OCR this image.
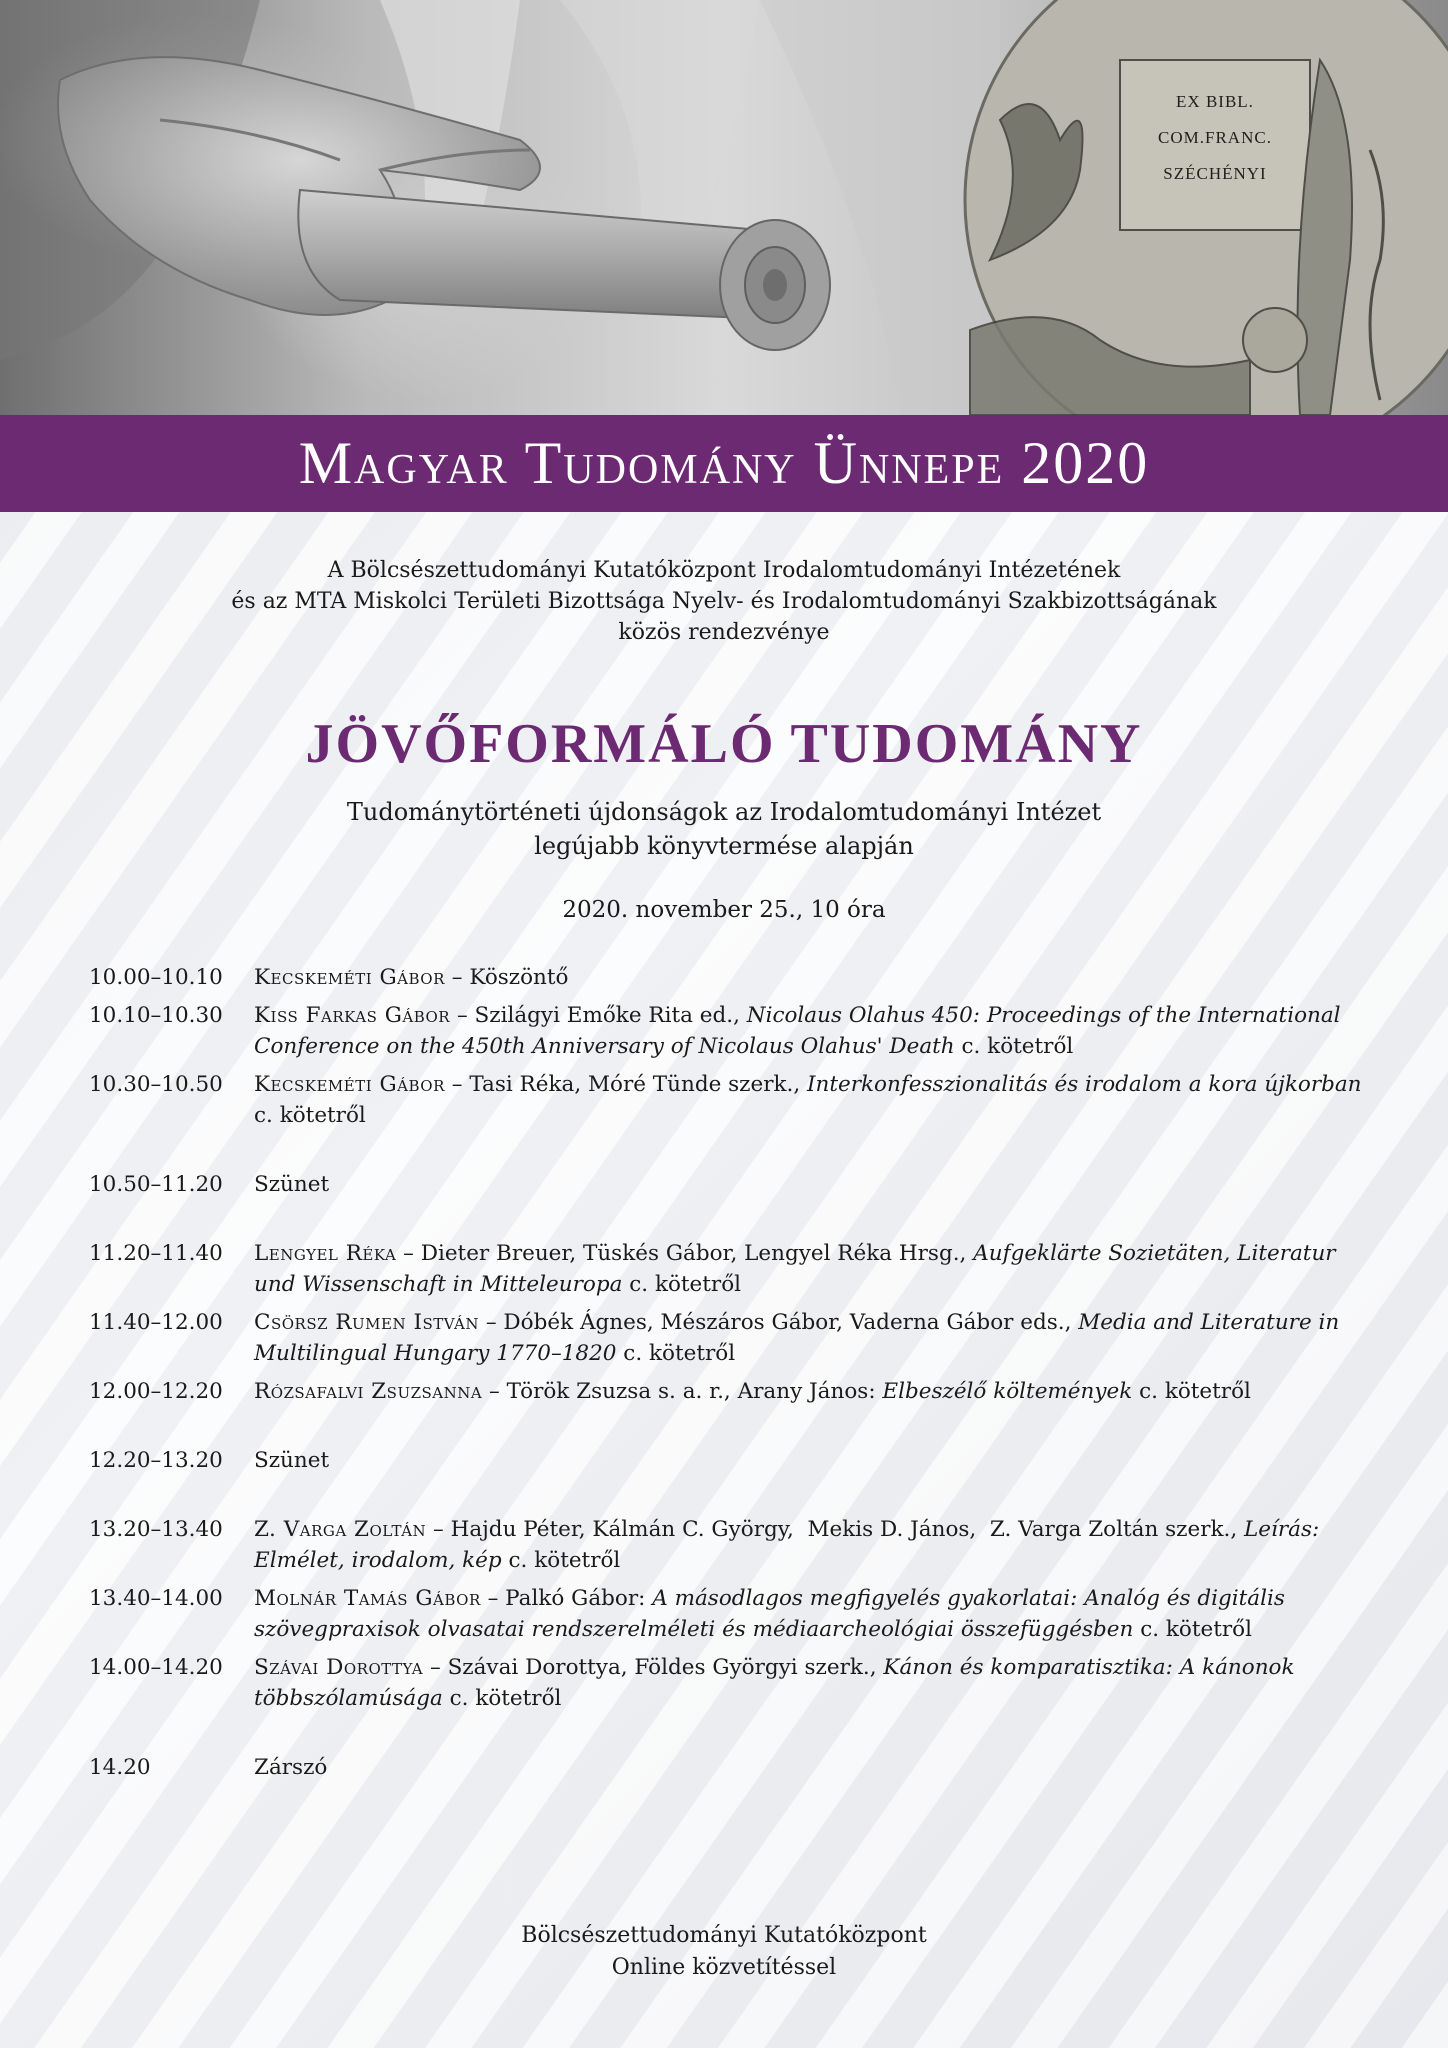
EX BIBL.
COM.FRANC.
SZÉCHÉNYI
Magyar Tudomány Ünnepe 2020
A Bölcsészettudományi Kutatóközpont Irodalomtudományi Intézetének
és az MTA Miskolci Területi Bizottsága Nyelv- és Irodalomtudományi Szakbizottságának
közös rendezvénye
JÖVŐFORMÁLÓ TUDOMÁNY
Tudománytörténeti újdonságok az Irodalomtudományi Intézet
legújabb könyvtermése alapján
2020. november 25., 10 óra
10.00–10.10	Kecskeméti Gábor – Köszöntő
10.10–10.30	Kiss Farkas Gábor – Szilágyi Emőke Rita ed., Nicolaus Olahus 450: Proceedings of the International Conference on the 450th Anniversary of Nicolaus Olahus' Death c. kötetről
10.30–10.50	Kecskeméti Gábor – Tasi Réka, Móré Tünde szerk., Interkonfesszionalitás és irodalom a kora újkorban c. kötetről
10.50–11.20	Szünet
11.20–11.40	Lengyel Réka – Dieter Breuer, Tüskés Gábor, Lengyel Réka Hrsg., Aufgeklärte Sozietäten, Literatur und Wissenschaft in Mitteleuropa c. kötetről
11.40–12.00	Csörsz Rumen István – Dóbék Ágnes, Mészáros Gábor, Vaderna Gábor eds., Media and Literature in Multilingual Hungary 1770–1820 c. kötetről
12.00–12.20	Rózsafalvi Zsuzsanna – Török Zsuzsa s. a. r., Arany János: Elbeszélő költemények c. kötetről
12.20–13.20	Szünet
13.20–13.40	Z. Varga Zoltán – Hajdu Péter, Kálmán C. György,  Mekis D. János,  Z. Varga Zoltán szerk., Leírás: Elmélet, irodalom, kép c. kötetről
13.40–14.00	Molnár Tamás Gábor – Palkó Gábor: A másodlagos megfigyelés gyakorlatai: Analóg és digitális szövegpraxisok olvasatai rendszerelméleti és médiaarcheológiai összefüggésben c. kötetről
14.00–14.20	Szávai Dorottya – Szávai Dorottya, Földes Györgyi szerk., Kánon és komparatisztika: A kánonok többszólamúsága c. kötetről
14.20	Zárszó
Bölcsészettudományi Kutatóközpont
Online közvetítéssel
